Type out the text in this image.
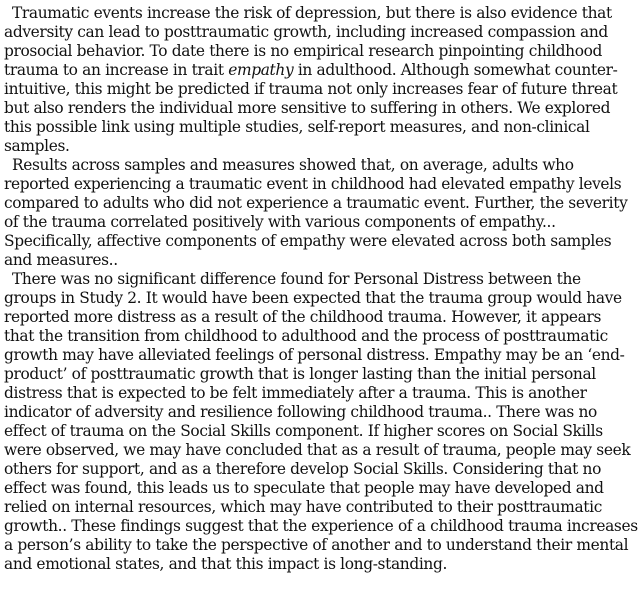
Traumatic events increase the risk of depression, but there is also evidence that
adversity can lead to posttraumatic growth, including increased compassion and
prosocial behavior. To date there is no empirical research pinpointing childhood
trauma to an increase in trait empathy in adulthood. Although somewhat counter-
intuitive, this might be predicted if trauma not only increases fear of future threat
but also renders the individual more sensitive to suffering in others. We explored
this possible link using multiple studies, self-report measures, and non-clinical
samples.
Results across samples and measures showed that, on average, adults who
reported experiencing a traumatic event in childhood had elevated empathy levels
compared to adults who did not experience a traumatic event. Further, the severity
of the trauma correlated positively with various components of empathy...
Specifically, affective components of empathy were elevated across both samples
and measures..
There was no significant difference found for Personal Distress between the
groups in Study 2. It would have been expected that the trauma group would have
reported more distress as a result of the childhood trauma. However, it appears
that the transition from childhood to adulthood and the process of posttraumatic
growth may have alleviated feelings of personal distress. Empathy may be an ‘end-
product’ of posttraumatic growth that is longer lasting than the initial personal
distress that is expected to be felt immediately after a trauma. This is another
indicator of adversity and resilience following childhood trauma.. There was no
effect of trauma on the Social Skills component. If higher scores on Social Skills
were observed, we may have concluded that as a result of trauma, people may seek
others for support, and as a therefore develop Social Skills. Considering that no
effect was found, this leads us to speculate that people may have developed and
relied on internal resources, which may have contributed to their posttraumatic
growth.. These findings suggest that the experience of a childhood trauma increases
a person’s ability to take the perspective of another and to understand their mental
and emotional states, and that this impact is long-standing.
